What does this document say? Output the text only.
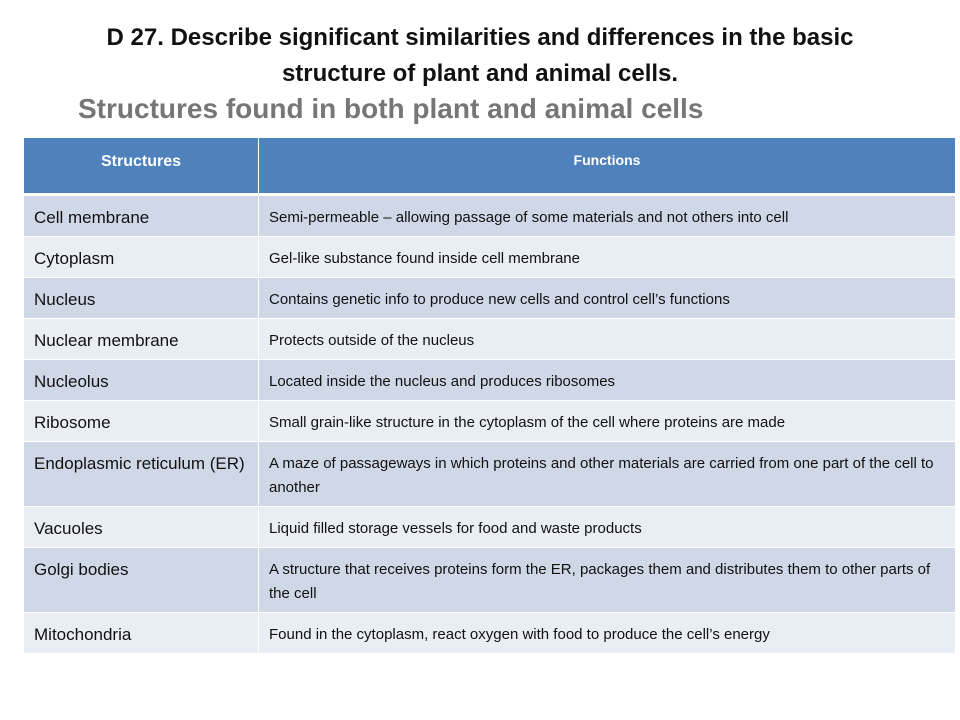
D 27. Describe significant similarities and differences in the basic structure of plant and animal cells.
Structures found in both plant and animal cells
Structures	Functions
Cell membrane	Semi-permeable – allowing passage of some materials and not others into cell
Cytoplasm	Gel-like substance found inside cell membrane
Nucleus	Contains genetic info to produce new cells and control cell’s functions
Nuclear membrane	Protects outside of the nucleus
Nucleolus	Located inside the nucleus and produces ribosomes
Ribosome	Small grain-like structure in the cytoplasm of the cell where proteins are made
Endoplasmic reticulum (ER)	A maze of passageways in which proteins and other materials are carried from one part of the cell to another
Vacuoles	Liquid filled storage vessels for food and waste products
Golgi bodies	A structure that receives proteins form the ER, packages them and distributes them to other parts of the cell
Mitochondria	Found in the cytoplasm, react oxygen with food to produce the cell’s energy
